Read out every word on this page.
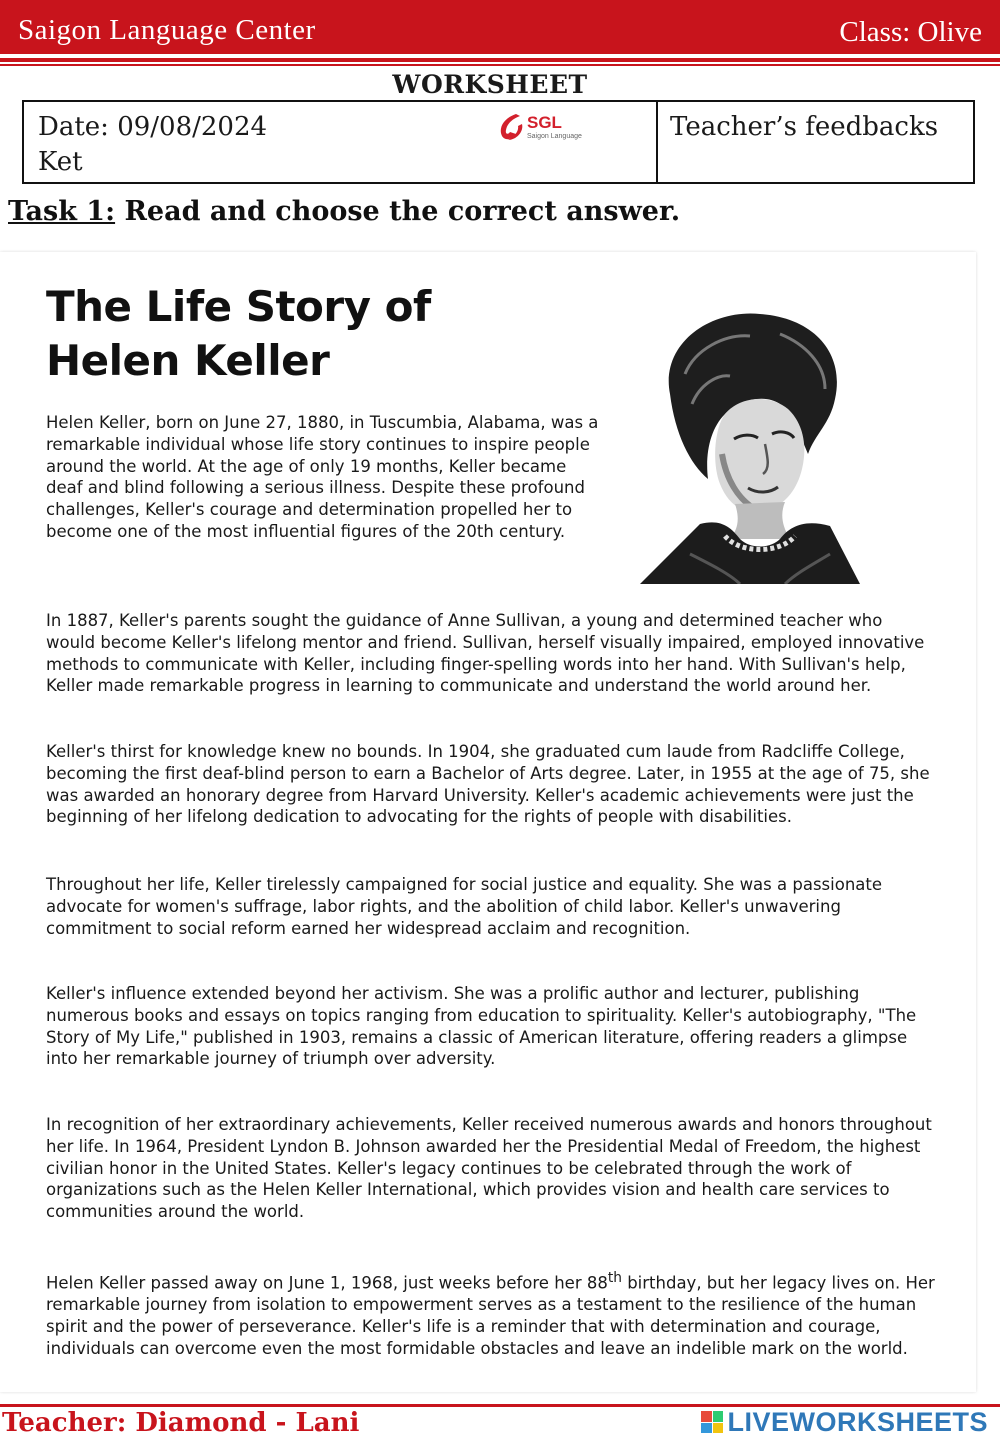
Saigon Language Center	Class: Olive
WORKSHEET
Date: 09/08/2024
Ket
SGL
Saigon Language	Teacher’s feedbacks
Task 1: Read and choose the correct answer.
The Life Story of
Helen Keller

Helen Keller, born on June 27, 1880, in Tuscumbia, Alabama, was a remarkable individual whose life story continues to inspire people around the world. At the age of only 19 months, Keller became deaf and blind following a serious illness. Despite these profound challenges, Keller's courage and determination propelled her to become one of the most influential figures of the 20th century.

In 1887, Keller's parents sought the guidance of Anne Sullivan, a young and determined teacher who would become Keller's lifelong mentor and friend. Sullivan, herself visually impaired, employed innovative methods to communicate with Keller, including finger-spelling words into her hand. With Sullivan's help, Keller made remarkable progress in learning to communicate and understand the world around her.

Keller's thirst for knowledge knew no bounds. In 1904, she graduated cum laude from Radcliffe College, becoming the first deaf-blind person to earn a Bachelor of Arts degree. Later, in 1955 at the age of 75, she was awarded an honorary degree from Harvard University. Keller's academic achievements were just the beginning of her lifelong dedication to advocating for the rights of people with disabilities.

Throughout her life, Keller tirelessly campaigned for social justice and equality. She was a passionate advocate for women's suffrage, labor rights, and the abolition of child labor. Keller's unwavering commitment to social reform earned her widespread acclaim and recognition.

Keller's influence extended beyond her activism. She was a prolific author and lecturer, publishing numerous books and essays on topics ranging from education to spirituality. Keller's autobiography, "The Story of My Life," published in 1903, remains a classic of American literature, offering readers a glimpse into her remarkable journey of triumph over adversity.

In recognition of her extraordinary achievements, Keller received numerous awards and honors throughout her life. In 1964, President Lyndon B. Johnson awarded her the Presidential Medal of Freedom, the highest civilian honor in the United States. Keller's legacy continues to be celebrated through the work of organizations such as the Helen Keller International, which provides vision and health care services to communities around the world.

Helen Keller passed away on June 1, 1968, just weeks before her 88th birthday, but her legacy lives on. Her remarkable journey from isolation to empowerment serves as a testament to the resilience of the human spirit and the power of perseverance. Keller's life is a reminder that with determination and courage, individuals can overcome even the most formidable obstacles and leave an indelible mark on the world.

Teacher: Diamond - Lani	LIVEWORKSHEETS
